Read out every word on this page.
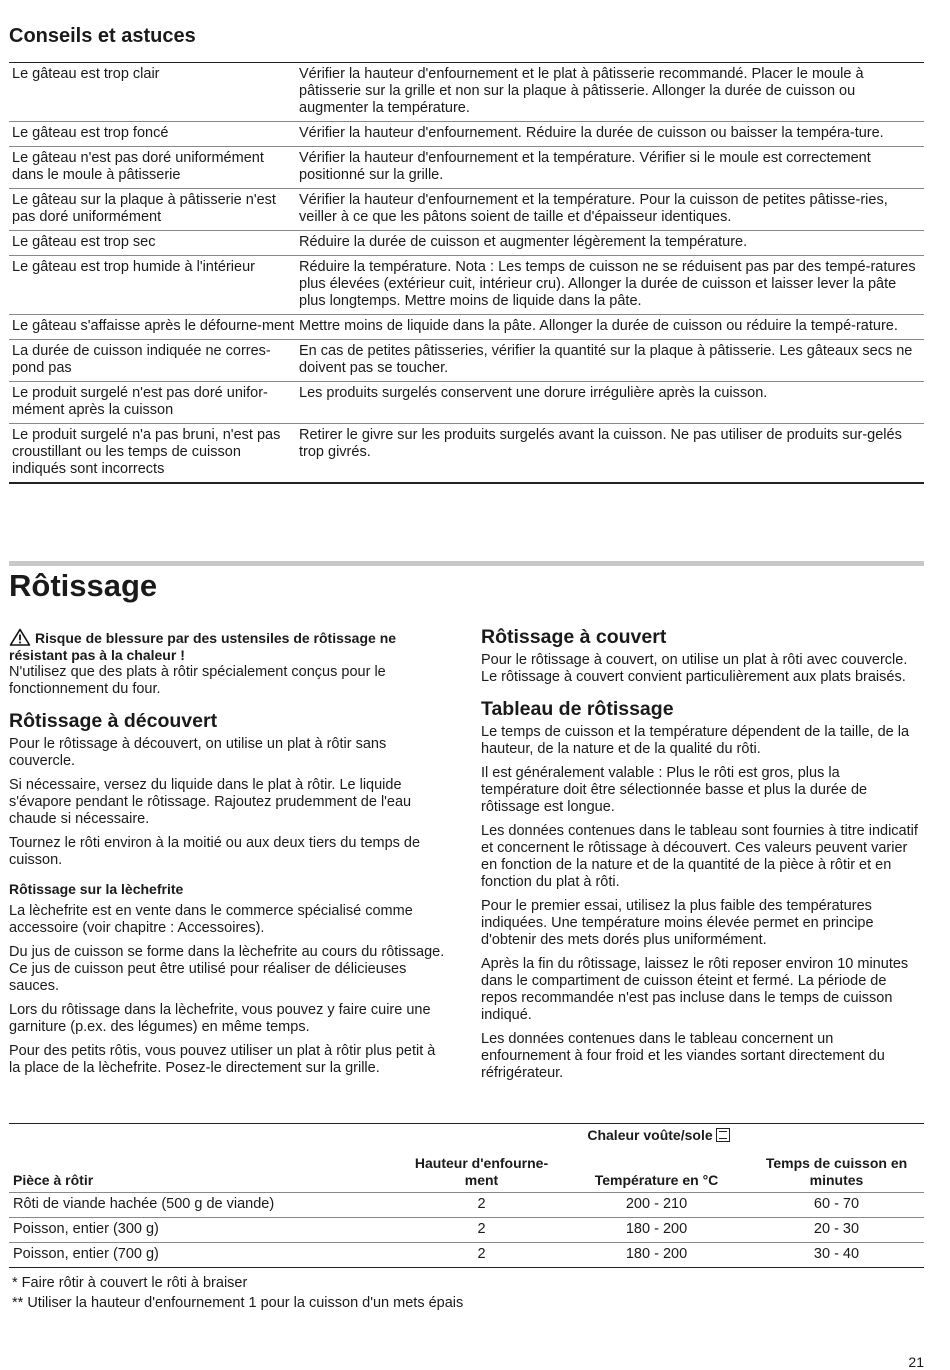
Conseils et astuces
Le gâteau est trop clair	Vérifier la hauteur d'enfournement et le plat à pâtisserie recommandé. Placer le moule à pâtisserie sur la grille et non sur la plaque à pâtisserie. Allonger la durée de cuisson ou augmenter la température.
Le gâteau est trop foncé	Vérifier la hauteur d'enfournement. Réduire la durée de cuisson ou baisser la tempéra-ture.
Le gâteau n'est pas doré uniformément dans le moule à pâtisserie	Vérifier la hauteur d'enfournement et la température. Vérifier si le moule est correctement positionné sur la grille.
Le gâteau sur la plaque à pâtisserie n'est pas doré uniformément	Vérifier la hauteur d'enfournement et la température. Pour la cuisson de petites pâtisse-ries, veiller à ce que les pâtons soient de taille et d'épaisseur identiques.
Le gâteau est trop sec	Réduire la durée de cuisson et augmenter légèrement la température.
Le gâteau est trop humide à l'intérieur	Réduire la température. Nota : Les temps de cuisson ne se réduisent pas par des tempé-ratures plus élevées (extérieur cuit, intérieur cru). Allonger la durée de cuisson et laisser lever la pâte plus longtemps. Mettre moins de liquide dans la pâte.
Le gâteau s'affaisse après le défourne-ment	Mettre moins de liquide dans la pâte. Allonger la durée de cuisson ou réduire la tempé-rature.
La durée de cuisson indiquée ne corres-pond pas	En cas de petites pâtisseries, vérifier la quantité sur la plaque à pâtisserie. Les gâteaux secs ne doivent pas se toucher.
Le produit surgelé n'est pas doré unifor-mément après la cuisson	Les produits surgelés conservent une dorure irrégulière après la cuisson.
Le produit surgelé n'a pas bruni, n'est pas croustillant ou les temps de cuisson indiqués sont incorrects	Retirer le givre sur les produits surgelés avant la cuisson. Ne pas utiliser de produits sur-gelés trop givrés.
Rôtissage
Risque de blessure par des ustensiles de rôtissage ne résistant pas à la chaleur !

N'utilisez que des plats à rôtir spécialement conçus pour le fonctionnement du four.

Rôtissage à découvert

Pour le rôtissage à découvert, on utilise un plat à rôtir sans couvercle.

Si nécessaire, versez du liquide dans le plat à rôtir. Le liquide s'évapore pendant le rôtissage. Rajoutez prudemment de l'eau chaude si nécessaire.

Tournez le rôti environ à la moitié ou aux deux tiers du temps de cuisson.

Rôtissage sur la lèchefrite

La lèchefrite est en vente dans le commerce spécialisé comme accessoire (voir chapitre : Accessoires).

Du jus de cuisson se forme dans la lèchefrite au cours du rôtissage. Ce jus de cuisson peut être utilisé pour réaliser de délicieuses sauces.

Lors du rôtissage dans la lèchefrite, vous pouvez y faire cuire une garniture (p.ex. des légumes) en même temps.

Pour des petits rôtis, vous pouvez utiliser un plat à rôtir plus petit à la place de la lèchefrite. Posez-le directement sur la grille.

Rôtissage à couvert

Pour le rôtissage à couvert, on utilise un plat à rôti avec couvercle. Le rôtissage à couvert convient particulièrement aux plats braisés.

Tableau de rôtissage

Le temps de cuisson et la température dépendent de la taille, de la hauteur, de la nature et de la qualité du rôti.

Il est généralement valable : Plus le rôti est gros, plus la température doit être sélectionnée basse et plus la durée de rôtissage est longue.

Les données contenues dans le tableau sont fournies à titre indicatif et concernent le rôtissage à découvert. Ces valeurs peuvent varier en fonction de la nature et de la quantité de la pièce à rôtir et en fonction du plat à rôti.

Pour le premier essai, utilisez la plus faible des températures indiquées. Une température moins élevée permet en principe d'obtenir des mets dorés plus uniformément.

Après la fin du rôtissage, laissez le rôti reposer environ 10 minutes dans le compartiment de cuisson éteint et fermé. La période de repos recommandée n'est pas incluse dans le temps de cuisson indiqué.

Les données contenues dans le tableau concernent un enfournement à four froid et les viandes sortant directement du réfrigérateur.

	Chaleur voûte/sole		
Pièce à rôtir	Hauteur d'enfourne-ment	Température en °C	Temps de cuisson en minutes
Rôti de viande hachée (500 g de viande)	2	200 - 210	60 - 70
Poisson, entier (300 g)	2	180 - 200	20 - 30
Poisson, entier (700 g)	2	180 - 200	30 - 40
* Faire rôtir à couvert le rôti à braiser
** Utiliser la hauteur d'enfournement 1 pour la cuisson d'un mets épais
21
